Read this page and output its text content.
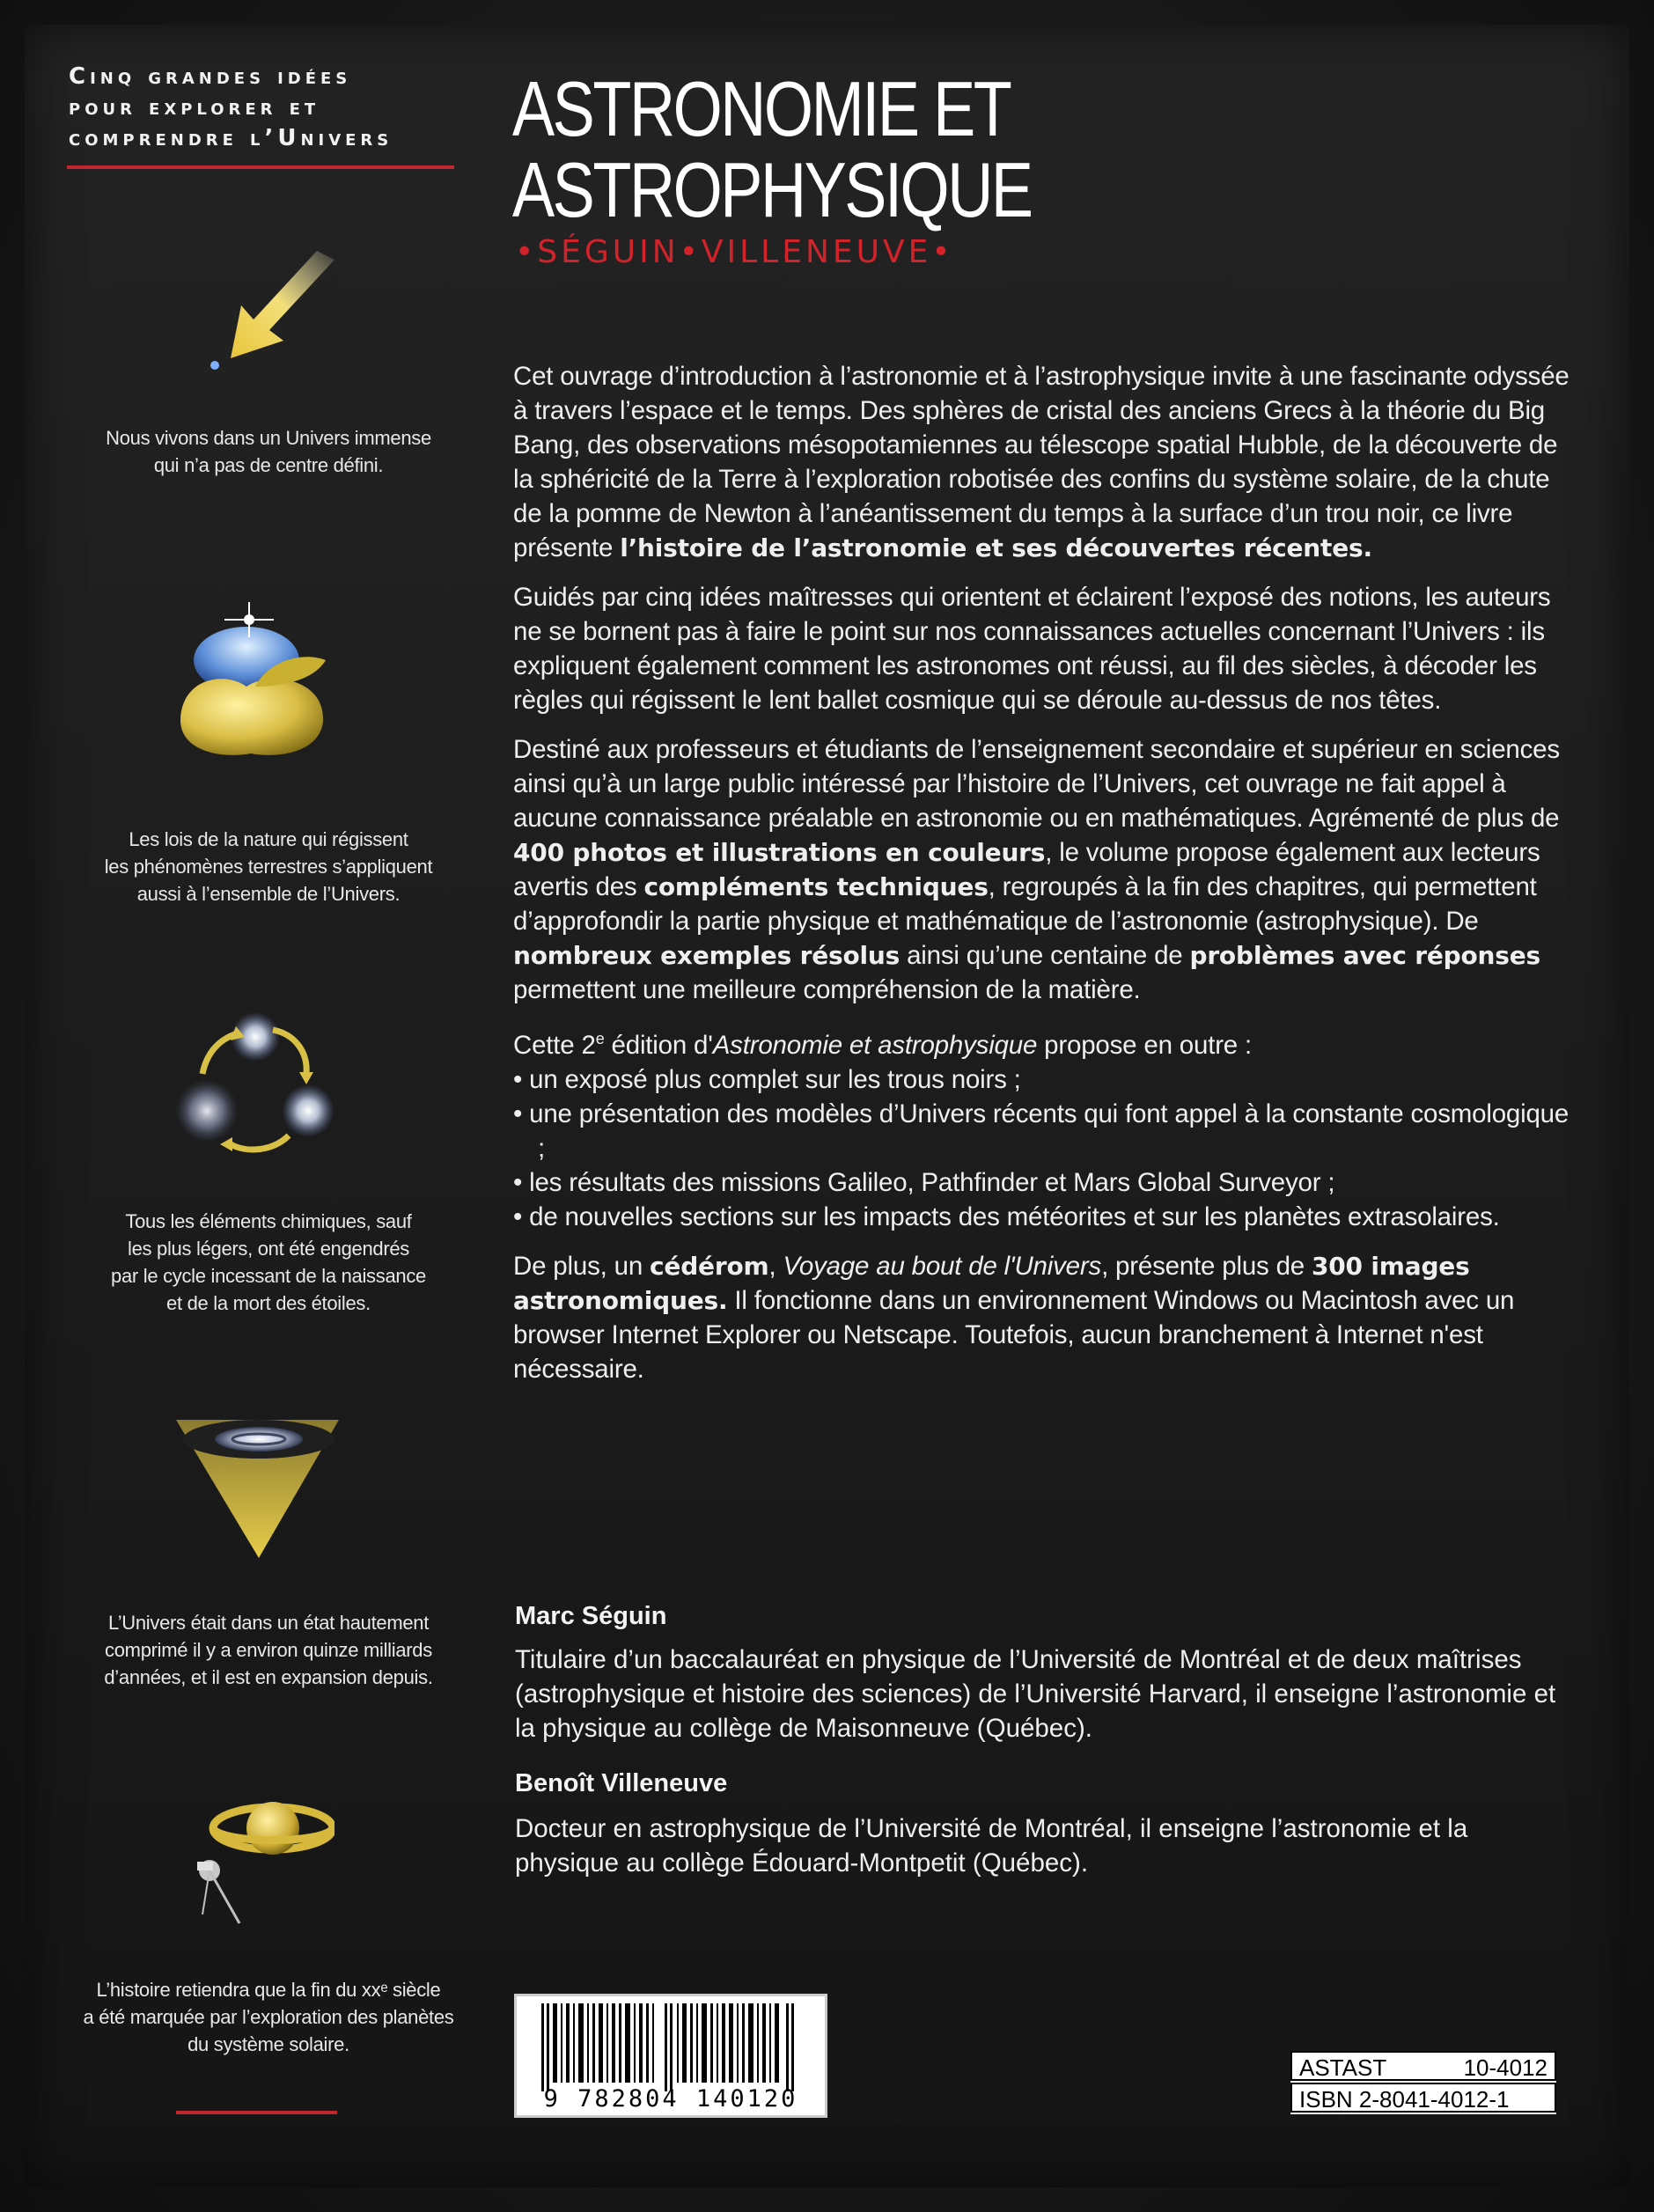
Cinq grandes idées
pour explorer et
comprendre l’Univers
Nous vivons dans un Univers immense
qui n’a pas de centre défini.
Les lois de la nature qui régissent
les phénomènes terrestres s’appliquent
aussi à l’ensemble de l’Univers.
Tous les éléments chimiques, sauf
les plus légers, ont été engendrés
par le cycle incessant de la naissance
et de la mort des étoiles.
L’Univers était dans un état hautement
comprimé il y a environ quinze milliards
d’années, et il est en expansion depuis.
L’histoire retiendra que la fin du xxᵉ siècle
a été marquée par l’exploration des planètes
du système solaire.
ASTRONOMIE ET
ASTROPHYSIQUE
•SÉGUIN•VILLENEUVE•

Cet ouvrage d’introduction à l’astronomie et à l’astrophysique invite à une fascinante odyssée à travers l’espace et le temps. Des sphères de cristal des anciens Grecs à la théorie du Big Bang, des observations mésopotamiennes au télescope spatial Hubble, de la découverte de la sphéricité de la Terre à l’exploration robotisée des confins du système solaire, de la chute de la pomme de Newton à l’anéantissement du temps à la surface d’un trou noir, ce livre présente l’histoire de l’astronomie et ses découvertes récentes.

Guidés par cinq idées maîtresses qui orientent et éclairent l’exposé des notions, les auteurs ne se bornent pas à faire le point sur nos connaissances actuelles concernant l’Univers : ils expliquent également comment les astronomes ont réussi, au fil des siècles, à décoder les règles qui régissent le lent ballet cosmique qui se déroule au-dessus de nos têtes.

Destiné aux professeurs et étudiants de l’enseignement secondaire et supérieur en sciences ainsi qu’à un large public intéressé par l’histoire de l’Univers, cet ouvrage ne fait appel à aucune connaissance préalable en astronomie ou en mathématiques. Agrémenté de plus de 400 photos et illustrations en couleurs, le volume propose également aux lecteurs avertis des compléments techniques, regroupés à la fin des chapitres, qui permettent d’approfondir la partie physique et mathématique de l’astronomie (astrophysique). De nombreux exemples résolus ainsi qu’une centaine de problèmes avec réponses permettent une meilleure compréhension de la matière.

Cette 2e édition d'Astronomie et astrophysique propose en outre :
• un exposé plus complet sur les trous noirs ;
• une présentation des modèles d’Univers récents qui font appel à la constante cosmologique ;
• les résultats des missions Galileo, Pathfinder et Mars Global Surveyor ;
• de nouvelles sections sur les impacts des météorites et sur les planètes extrasolaires.

De plus, un cédérom, Voyage au bout de l'Univers, présente plus de 300 images astronomiques. Il fonctionne dans un environnement Windows ou Macintosh avec un browser Internet Explorer ou Netscape. Toutefois, aucun branchement à Internet n'est nécessaire.

Marc Séguin
Titulaire d’un baccalauréat en physique de l’Université de Montréal et de deux maîtrises (astrophysique et histoire des sciences) de l’Université Harvard, il enseigne l’astronomie et la physique au collège de Maisonneuve (Québec).
Benoît Villeneuve
Docteur en astrophysique de l’Université de Montréal, il enseigne l’astronomie et la physique au collège Édouard-Montpetit (Québec).
9 782804 140120
ASTAST	10-4012
ISBN 2-8041-4012-1
